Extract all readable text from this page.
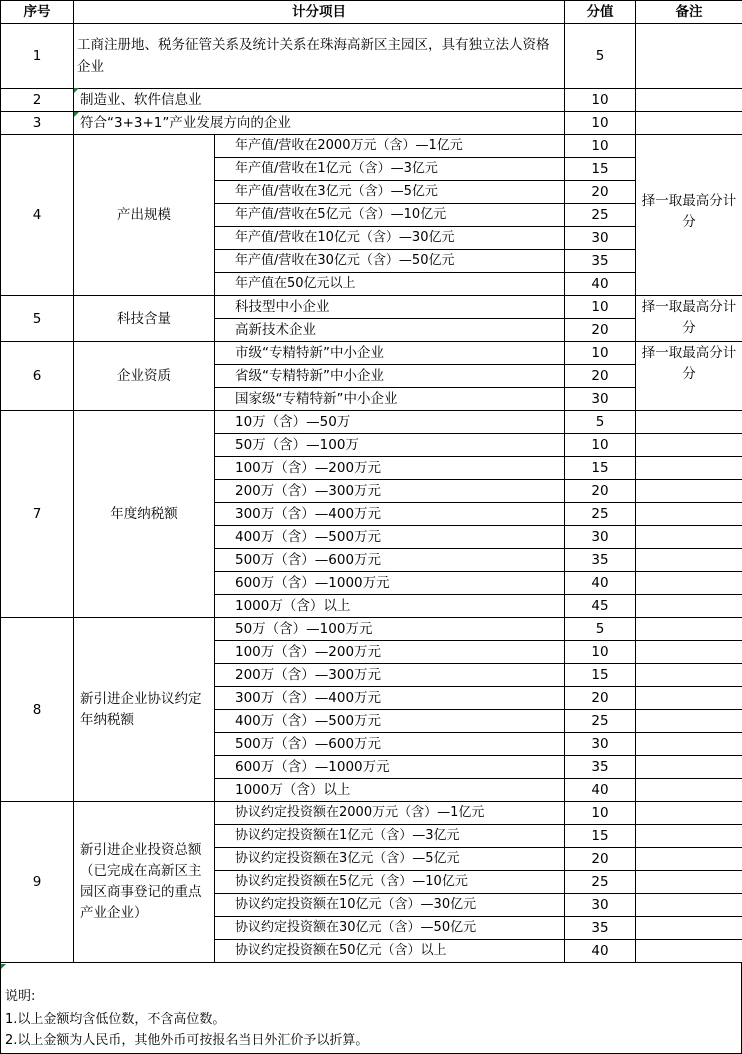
序号	计分项目		分值	备注
1	工商注册地、税务征管关系及统计关系在珠海高新区主园区，具有独立法人资格企业		5	
2	制造业、软件信息业		10	
3	符合“3+3+1”产业发展方向的企业		10	
4	产出规模	年产值/营收在2000万元（含）—1亿元	10	择一取最高分计分
		年产值/营收在1亿元（含）—3亿元	15	
		年产值/营收在3亿元（含）—5亿元	20	
		年产值/营收在5亿元（含）—10亿元	25	
		年产值/营收在10亿元（含）—30亿元	30	
		年产值/营收在30亿元（含）—50亿元	35	
		年产值在50亿元以上	40	
5	科技含量	科技型中小企业	10	择一取最高分计分
		高新技术企业	20	
6	企业资质	市级“专精特新”中小企业	10	择一取最高分计分
		省级“专精特新”中小企业	20	
		国家级“专精特新”中小企业	30	
7	年度纳税额	10万（含）—50万	5	
		50万（含）—100万	10	
		100万（含）—200万元	15	
		200万（含）—300万元	20	
		300万（含）—400万元	25	
		400万（含）—500万元	30	
		500万（含）—600万元	35	
		600万（含）—1000万元	40	
		1000万（含）以上	45	
8	新引进企业协议约定年纳税额	50万（含）—100万元	5	
		100万（含）—200万元	10	
		200万（含）—300万元	15	
		300万（含）—400万元	20	
		400万（含）—500万元	25	
		500万（含）—600万元	30	
		600万（含）—1000万元	35	
		1000万（含）以上	40	
9	新引进企业投资总额（已完成在高新区主园区商事登记的重点产业企业）	协议约定投资额在2000万元（含）—1亿元	10	
		协议约定投资额在1亿元（含）—3亿元	15	
		协议约定投资额在3亿元（含）—5亿元	20	
		协议约定投资额在5亿元（含）—10亿元	25	
		协议约定投资额在10亿元（含）—30亿元	30	
		协议约定投资额在30亿元（含）—50亿元	35	
		协议约定投资额在50亿元（含）以上	40	
说明:
1.以上金额均含低位数，不含高位数。
2.以上金额为人民币，其他外币可按报名当日外汇价予以折算。
